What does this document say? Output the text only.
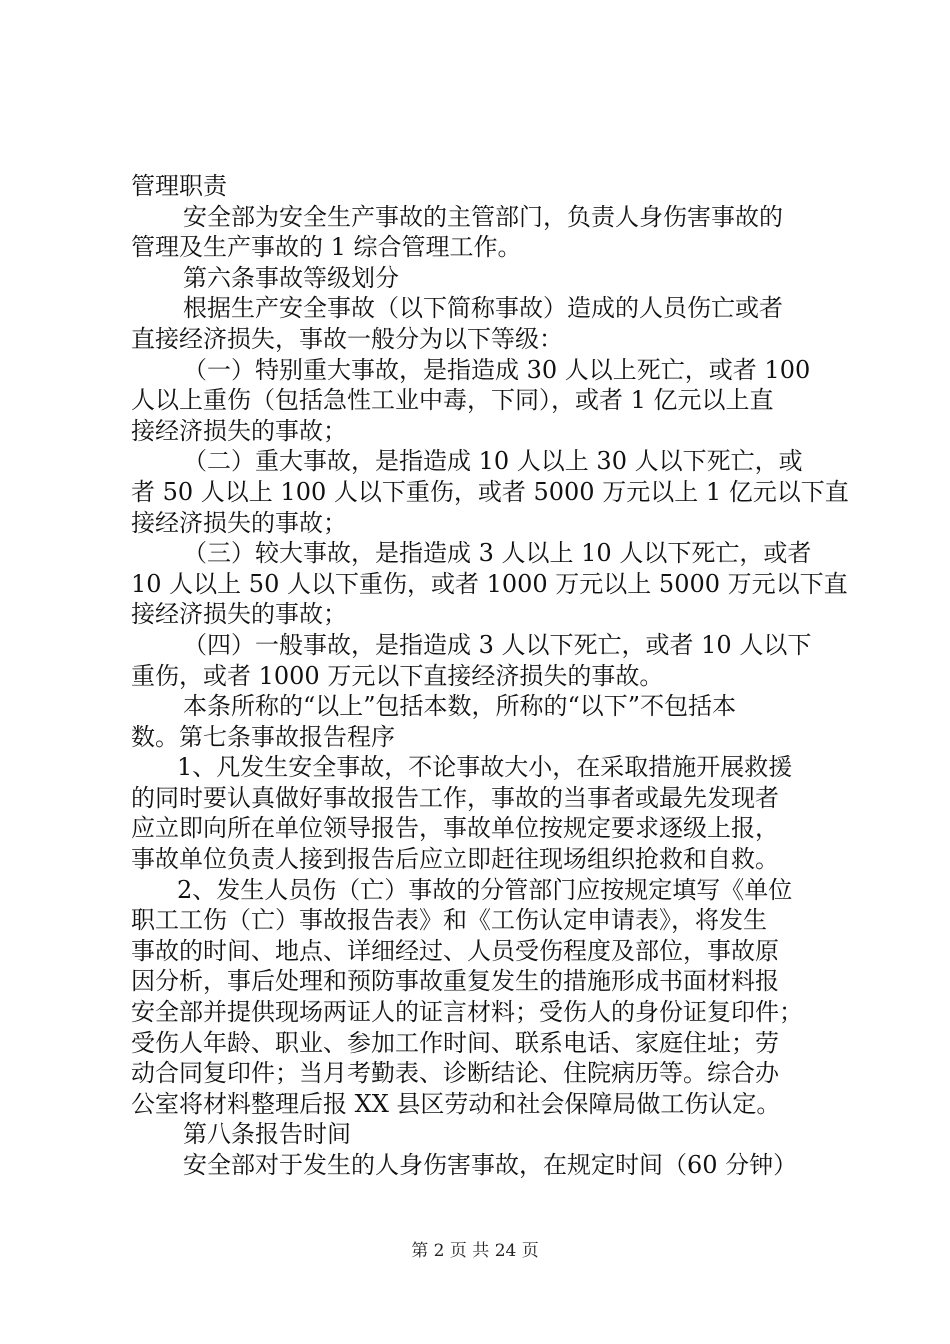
管理职责
安全部为安全生产事故的主管部门，负责人身伤害事故的
管理及生产事故的 1 综合管理工作。
第六条事故等级划分
根据生产安全事故（以下简称事故）造成的人员伤亡或者
直接经济损失，事故一般分为以下等级：
（一）特别重大事故，是指造成 30 人以上死亡，或者 100
人以上重伤（包括急性工业中毒，下同），或者 1 亿元以上直
接经济损失的事故；
（二）重大事故，是指造成 10 人以上 30 人以下死亡，或
者 50 人以上 100 人以下重伤，或者 5000 万元以上 1 亿元以下直
接经济损失的事故；
（三）较大事故，是指造成 3 人以上 10 人以下死亡，或者
10 人以上 50 人以下重伤，或者 1000 万元以上 5000 万元以下直
接经济损失的事故；
（四）一般事故，是指造成 3 人以下死亡，或者 10 人以下
重伤，或者 1000 万元以下直接经济损失的事故。
本条所称的“以上”包括本数，所称的“以下”不包括本
数。第七条事故报告程序
1、凡发生安全事故，不论事故大小，在采取措施开展救援
的同时要认真做好事故报告工作，事故的当事者或最先发现者
应立即向所在单位领导报告，事故单位按规定要求逐级上报，
事故单位负责人接到报告后应立即赶往现场组织抢救和自救。
2、发生人员伤（亡）事故的分管部门应按规定填写《单位
职工工伤（亡）事故报告表》和《工伤认定申请表》，将发生
事故的时间、地点、详细经过、人员受伤程度及部位，事故原
因分析，事后处理和预防事故重复发生的措施形成书面材料报
安全部并提供现场两证人的证言材料；受伤人的身份证复印件；
受伤人年龄、职业、参加工作时间、联系电话、家庭住址；劳
动合同复印件；当月考勤表、诊断结论、住院病历等。综合办
公室将材料整理后报 XX 县区劳动和社会保障局做工伤认定。
第八条报告时间
安全部对于发生的人身伤害事故，在规定时间（60 分钟）
第 2 页 共 24 页
